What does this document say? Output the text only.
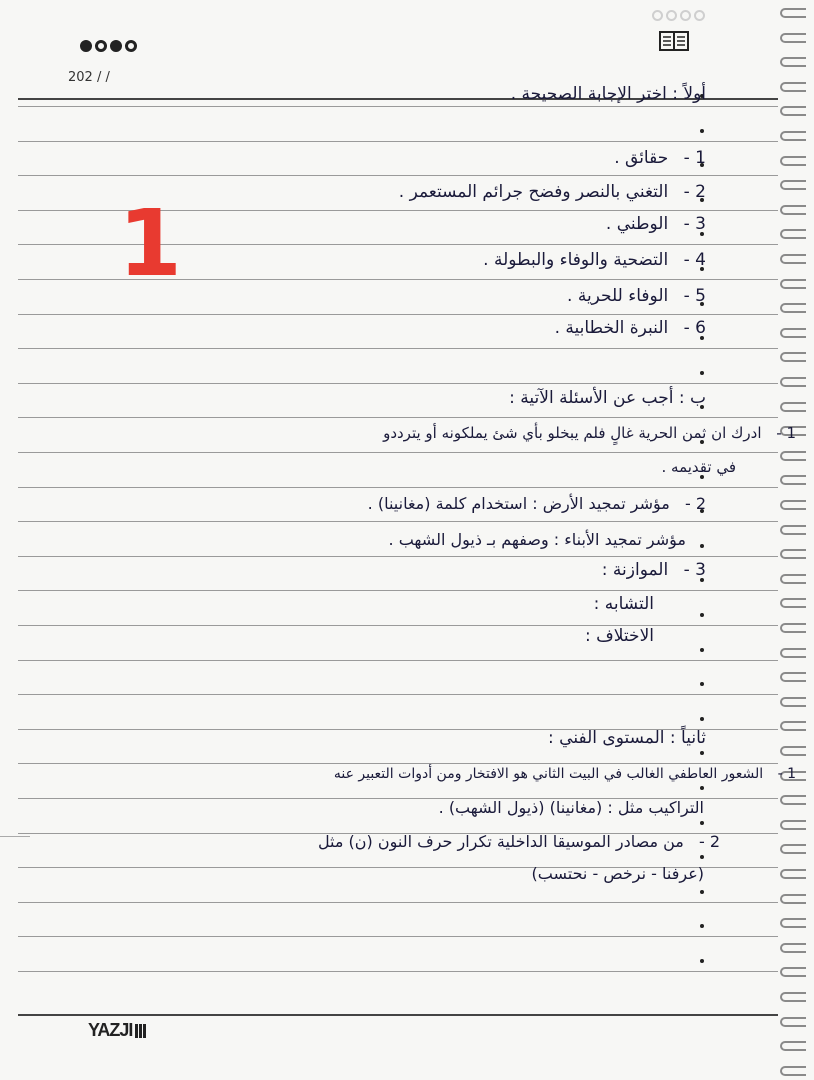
202 / /
1
أولاً : اختر الإجابة الصحيحة .
1 - حقائق .
2 - التغني بالنصر وفضح جرائم المستعمر .
3 - الوطني .
4 - التضحية والوفاء والبطولة .
5 - الوفاء للحرية .
6 - النبرة الخطابية .
ب : أجب عن الأسئلة الآتية :
1 - ادرك ان ثمن الحرية غالٍ فلم يبخلو بأي شئ يملكونه أو يترددو
في تقديمه .
2 - مؤشر تمجيد الأرض : استخدام كلمة (مغانينا) .
مؤشر تمجيد الأبناء : وصفهم بـ ذيول الشهب .
3 - الموازنة :
التشابه :
الاختلاف :
ثانياً : المستوى الفني :
1 - الشعور العاطفي الغالب في البيت الثاني هو الافتخار ومن أدوات التعبير عنه
التراكيب مثل : (مغانينا) (ذيول الشهب) .
2 - من مصادر الموسيقا الداخلية تكرار حرف النون (ن) مثل
(عرفنا - نرخص - نحتسب)
YAZJI
